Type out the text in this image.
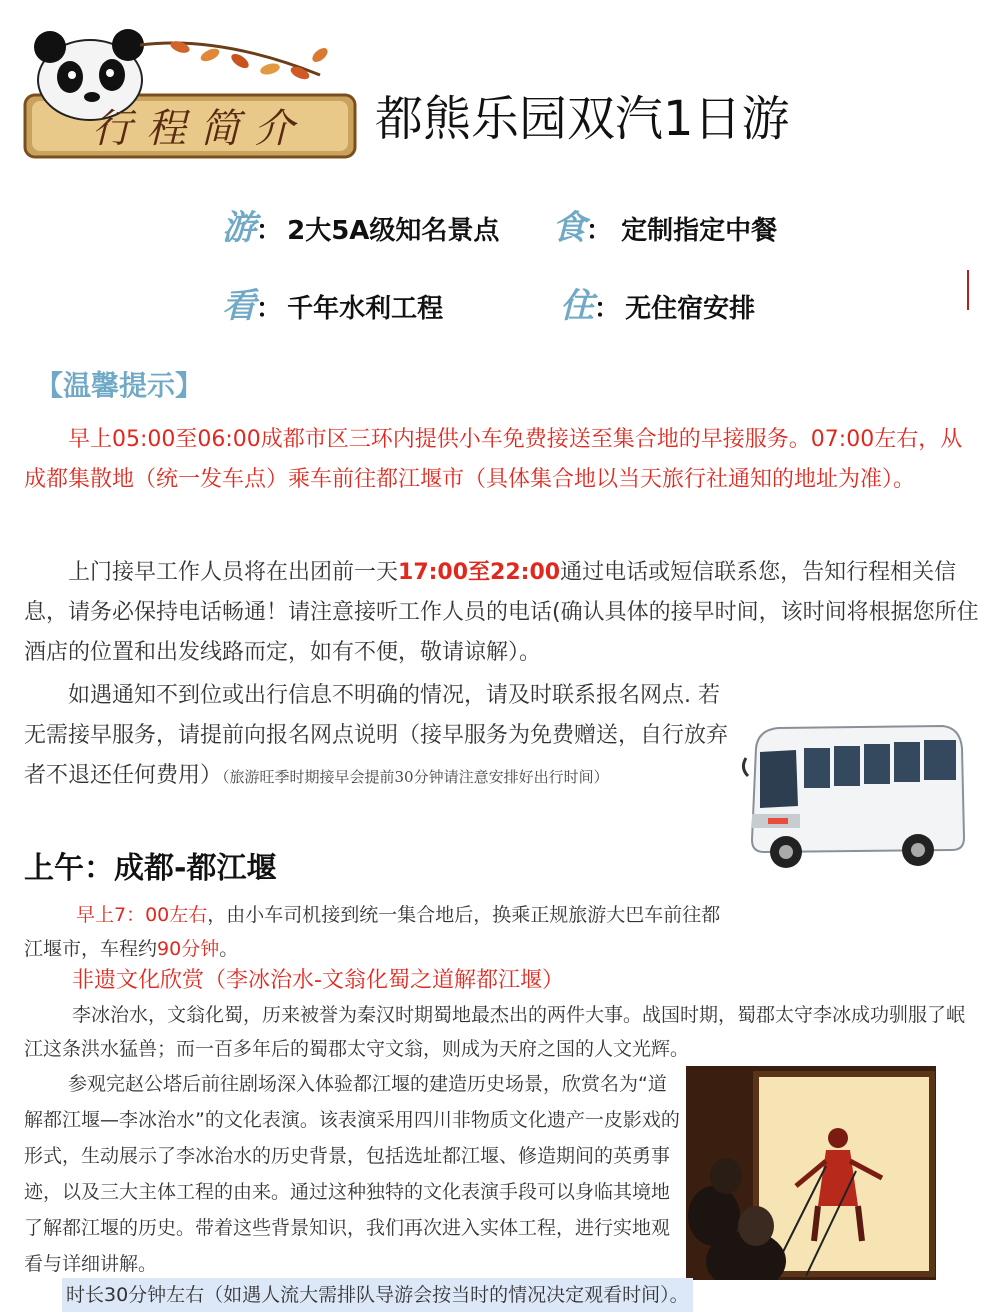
行程简介	都熊乐园双汽1日游
游： 2大5A级知名景点 食： 定制指定中餐
看： 千年水利工程	住： 无住宿安排
【温馨提示】
早上05:00至06:00成都市区三环内提供小车免费接送至集合地的早接服务。07:00左右，从成都集散地（统一发车点）乘车前往都江堰市（具体集合地以当天旅行社通知的地址为准）。
上门接早工作人员将在出团前一天17:00至22:00通过电话或短信联系您，告知行程相关信息，请务必保持电话畅通！请注意接听工作人员的电话(确认具体的接早时间，该时间将根据您所住酒店的位置和出发线路而定，如有不便，敬请谅解）。
如遇通知不到位或出行信息不明确的情况，请及时联系报名网点. 若无需接早服务，请提前向报名网点说明（接早服务为免费赠送，自行放弃者不退还任何费用）（旅游旺季时期接早会提前30分钟请注意安排好出行时间）
上午：成都-都江堰
早上7：00左右，由小车司机接到统一集合地后，换乘正规旅游大巴车前往都江堰市，车程约90分钟。
非遗文化欣赏（李冰治水-文翁化蜀之道解都江堰）
李冰治水，文翁化蜀，历来被誉为秦汉时期蜀地最杰出的两件大事。战国时期，蜀郡太守李冰成功驯服了岷江这条洪水猛兽；而一百多年后的蜀郡太守文翁，则成为天府之国的人文光辉。
参观完赵公塔后前往剧场深入体验都江堰的建造历史场景，欣赏名为“道解都江堰—李冰治水”的文化表演。该表演采用四川非物质文化遗产一皮影戏的形式，生动展示了李冰治水的历史背景，包括选址都江堰、修造期间的英勇事迹，以及三大主体工程的由来。通过这种独特的文化表演手段可以身临其境地了解都江堰的历史。带着这些背景知识，我们再次进入实体工程，进行实地观看与详细讲解。
时长30分钟左右（如遇人流大需排队导游会按当时的情况决定观看时间）。
